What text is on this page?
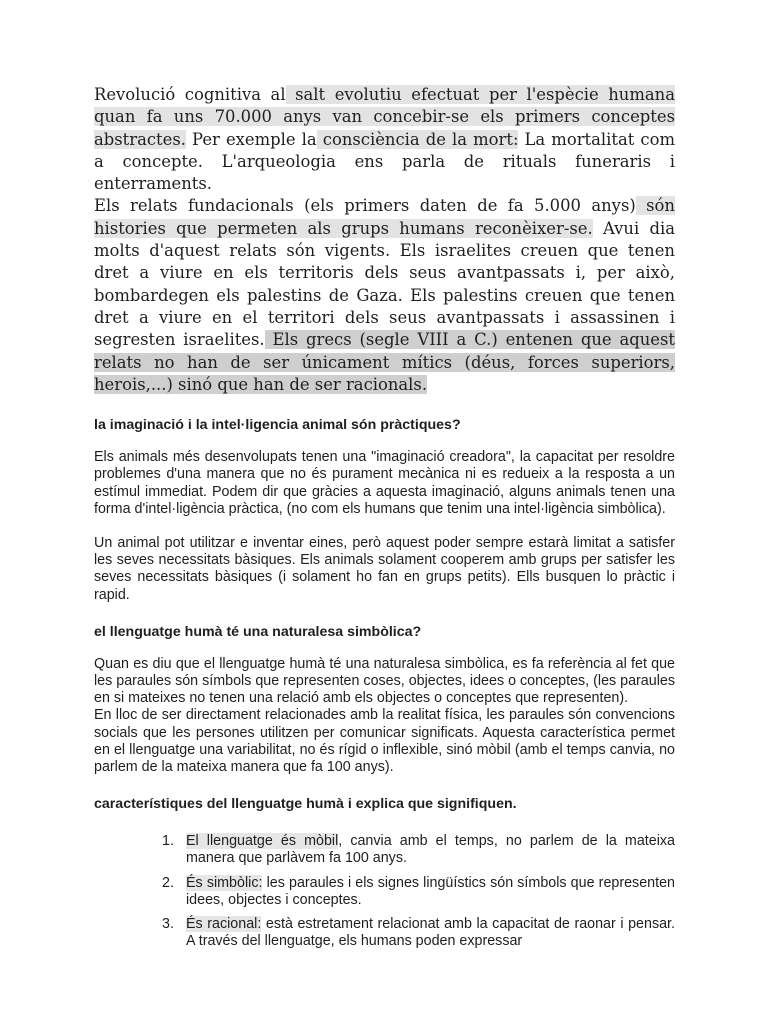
Revolució cognitiva al salt evolutiu efectuat per l'espècie humana quan fa uns 70.000 anys van concebir-se els primers conceptes abstractes. Per exemple la consciència de la mort: La mortalitat com a concepte. L'arqueologia ens parla de rituals funeraris i enterraments.

Els relats fundacionals (els primers daten de fa 5.000 anys) són histories que permeten als grups humans reconèixer-se. Avui dia molts d'aquest relats són vigents. Els israelites creuen que tenen dret a viure en els territoris dels seus avantpassats i, per això, bombardegen els palestins de Gaza. Els palestins creuen que tenen dret a viure en el territori dels seus avantpassats i assassinen i segresten israelites. Els grecs (segle VIII a C.) entenen que aquest relats no han de ser únicament mítics (déus, forces superiors, herois,...) sinó que han de ser racionals.

la imaginació i la intel·ligencia animal són pràctiques?

Els animals més desenvolupats tenen una "imaginació creadora", la capacitat per resoldre problemes d'una manera que no és purament mecànica ni es redueix a la resposta a un estímul immediat. Podem dir que gràcies a aquesta imaginació, alguns animals tenen una forma d'intel·ligència pràctica, (no com els humans que tenim una intel·ligència simbòlica).

Un animal pot utilitzar e inventar eines, però aquest poder sempre estarà limitat a satisfer les seves necessitats bàsiques. Els animals solament cooperem amb grups per satisfer les seves necessitats bàsiques (i solament ho fan en grups petits). Ells busquen lo pràctic i rapid.

el llenguatge humà té una naturalesa simbòlica?

Quan es diu que el llenguatge humà té una naturalesa simbòlica, es fa referència al fet que les paraules són símbols que representen coses, objectes, idees o conceptes, (les paraules en si mateixes no tenen una relació amb els objectes o conceptes que representen).

En lloc de ser directament relacionades amb la realitat física, les paraules són convencions socials que les persones utilitzen per comunicar significats. Aquesta característica permet en el llenguatge una variabilitat, no és rígid o inflexible, sinó mòbil (amb el temps canvia, no parlem de la mateixa manera que fa 100 anys).

característiques del llenguatge humà i explica que signifiquen.
1. El llenguatge és mòbil, canvia amb el temps, no parlem de la mateixa manera que parlàvem fa 100 anys.
2. És simbòlic: les paraules i els signes lingüístics són símbols que representen idees, objectes i conceptes.
3. És racional: està estretament relacionat amb la capacitat de raonar i pensar. A través del llenguatge, els humans poden expressar
